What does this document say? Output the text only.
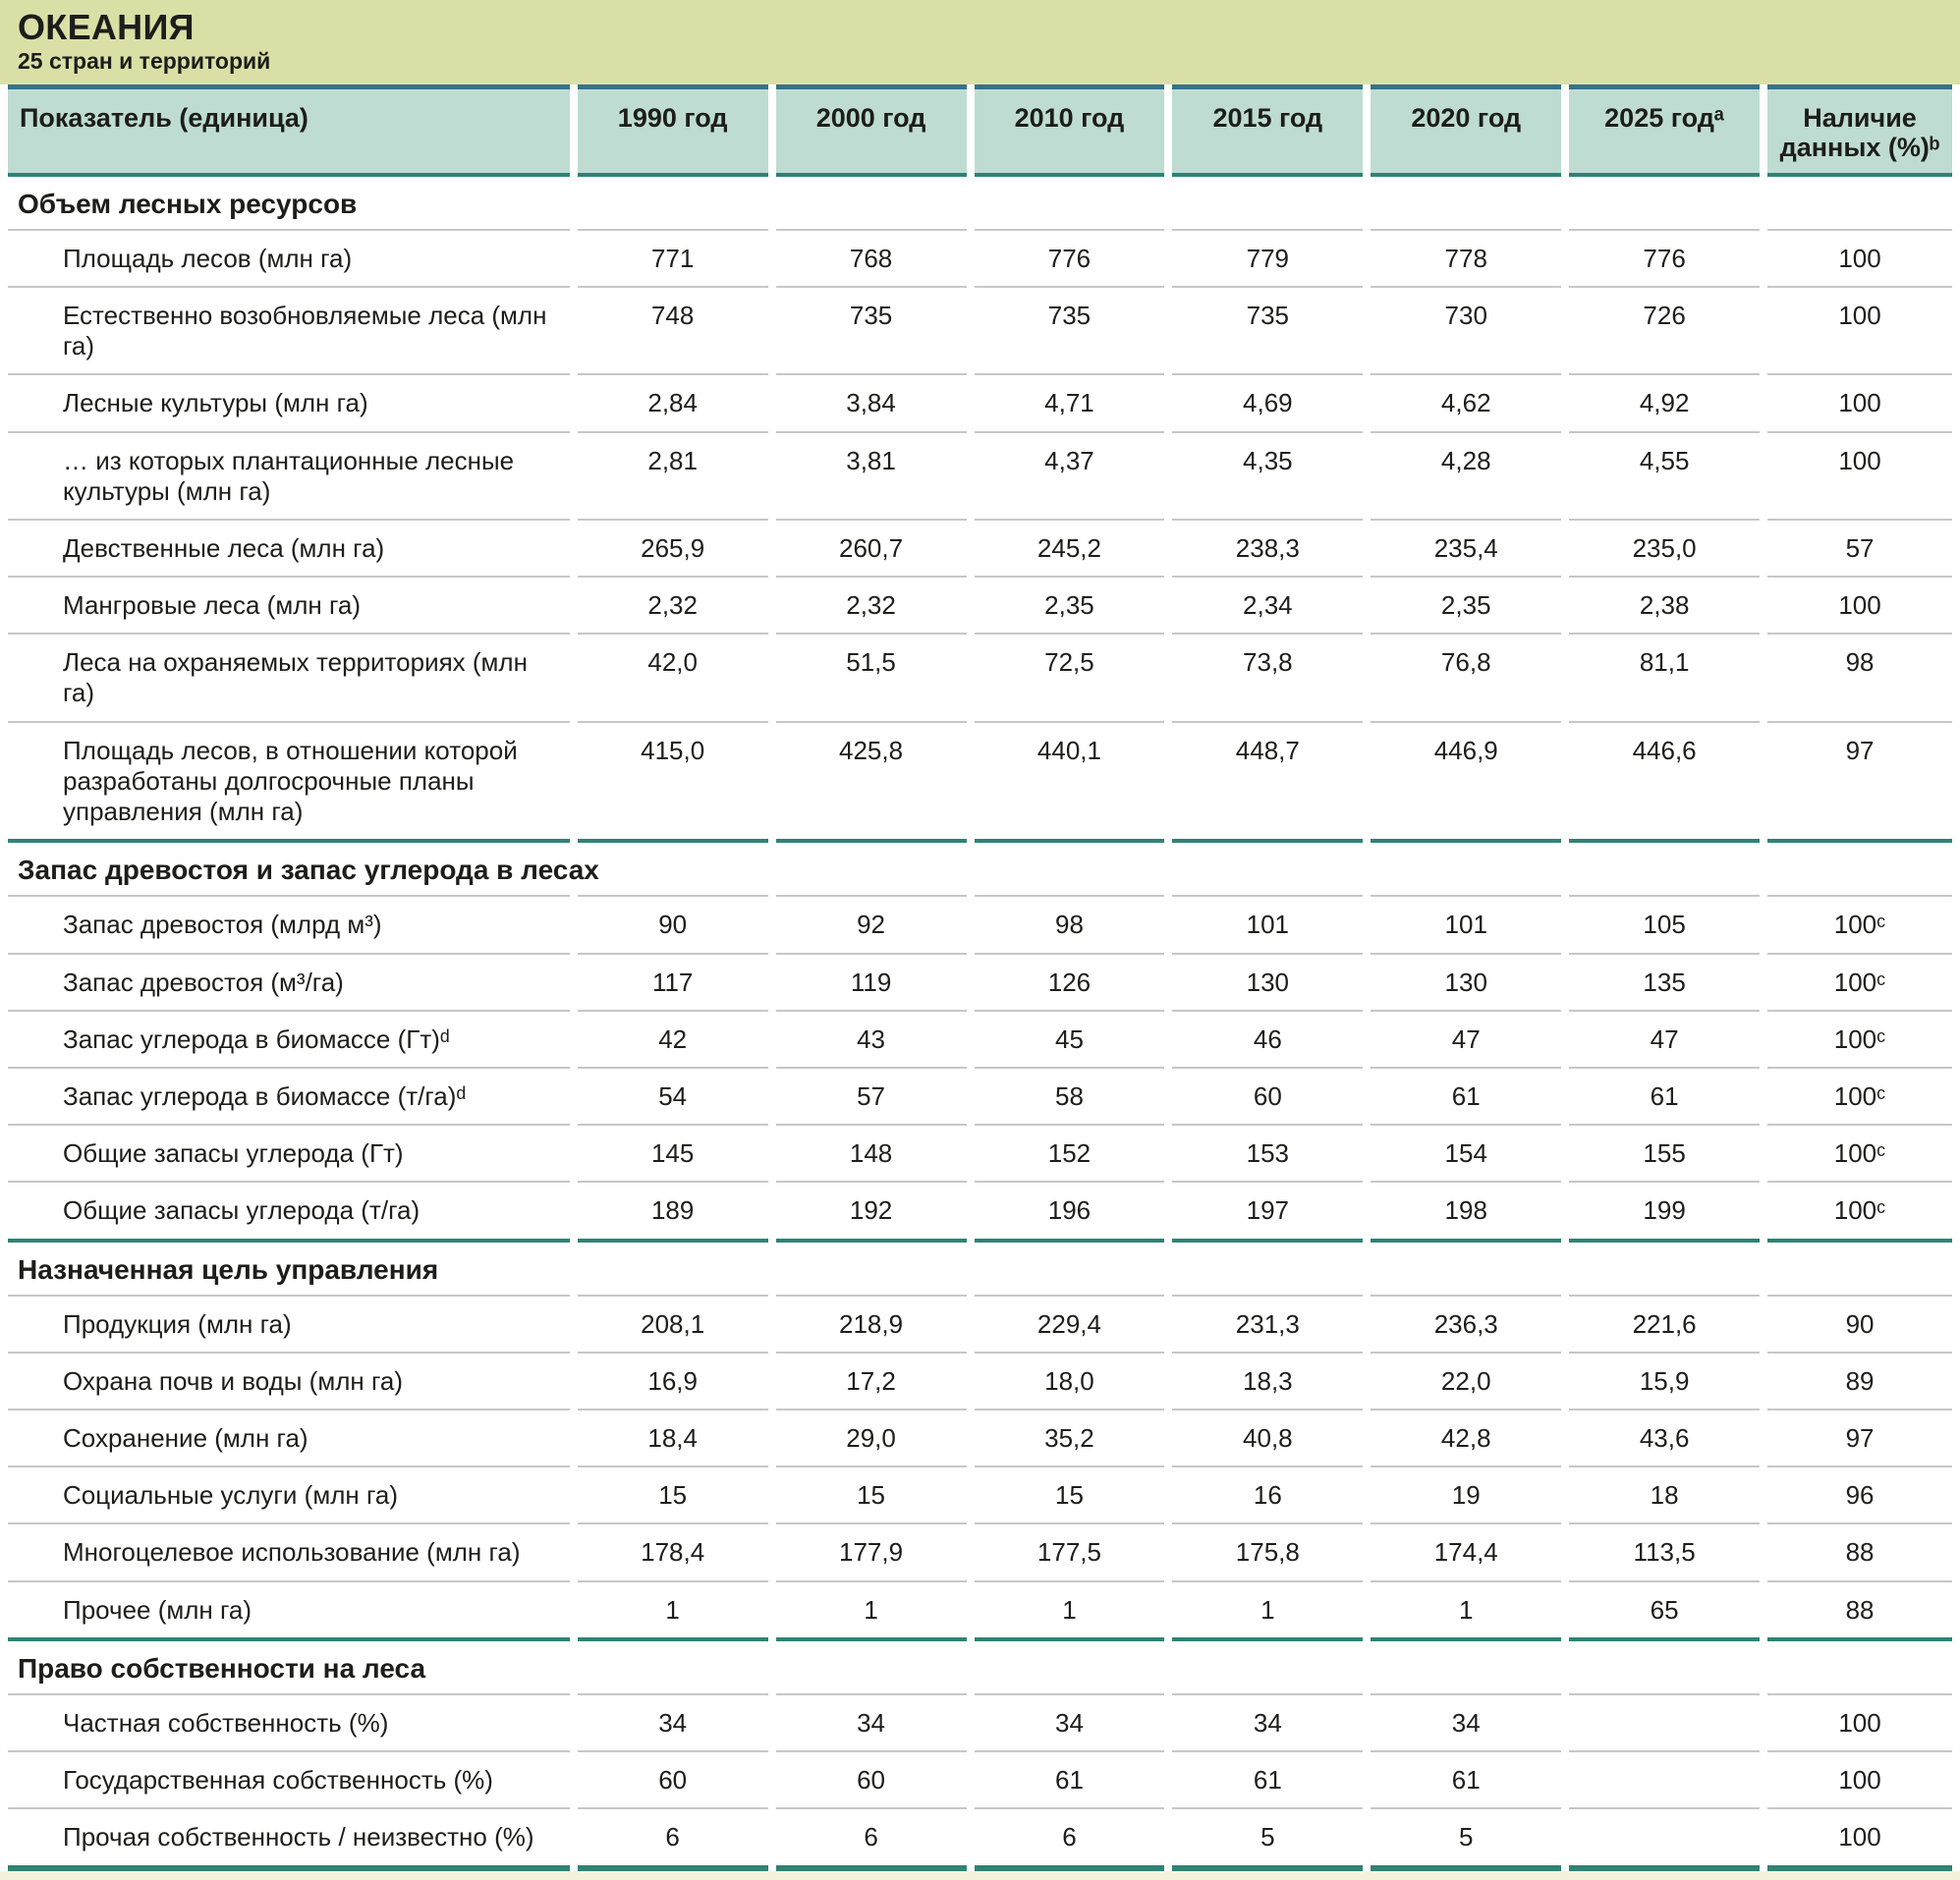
ОКЕАНИЯ
25 стран и территорий
Показатель (единица)	1990 год	2000 год	2010 год	2015 год	2020 год	2025 годᵃ	Наличие данных (%)ᵇ
Объем лесных ресурсов							
Площадь лесов (млн га)	771	768	776	779	778	776	100
Естественно возобновляемые леса (млн га)	748	735	735	735	730	726	100
Лесные культуры (млн га)	2,84	3,84	4,71	4,69	4,62	4,92	100
… из которых плантационные лесные культуры (млн га)	2,81	3,81	4,37	4,35	4,28	4,55	100
Девственные леса (млн га)	265,9	260,7	245,2	238,3	235,4	235,0	57
Мангровые леса (млн га)	2,32	2,32	2,35	2,34	2,35	2,38	100
Леса на охраняемых территориях (млн га)	42,0	51,5	72,5	73,8	76,8	81,1	98
Площадь лесов, в отношении которой разработаны долгосрочные планы управления (млн га)	415,0	425,8	440,1	448,7	446,9	446,6	97
Запас древостоя и запас углерода в лесах							
Запас древостоя (млрд м³)	90	92	98	101	101	105	100ᶜ
Запас древостоя (м³/га)	117	119	126	130	130	135	100ᶜ
Запас углерода в биомассе (Гт)ᵈ	42	43	45	46	47	47	100ᶜ
Запас углерода в биомассе (т/га)ᵈ	54	57	58	60	61	61	100ᶜ
Общие запасы углерода (Гт)	145	148	152	153	154	155	100ᶜ
Общие запасы углерода (т/га)	189	192	196	197	198	199	100ᶜ
Назначенная цель управления							
Продукция (млн га)	208,1	218,9	229,4	231,3	236,3	221,6	90
Охрана почв и воды (млн га)	16,9	17,2	18,0	18,3	22,0	15,9	89
Сохранение (млн га)	18,4	29,0	35,2	40,8	42,8	43,6	97
Социальные услуги (млн га)	15	15	15	16	19	18	96
Многоцелевое использование (млн га)	178,4	177,9	177,5	175,8	174,4	113,5	88
Прочее (млн га)	1	1	1	1	1	65	88
Право собственности на леса							
Частная собственность (%)	34	34	34	34	34		100
Государственная собственность (%)	60	60	61	61	61		100
Прочая собственность / неизвестно (%)	6	6	6	5	5		100
